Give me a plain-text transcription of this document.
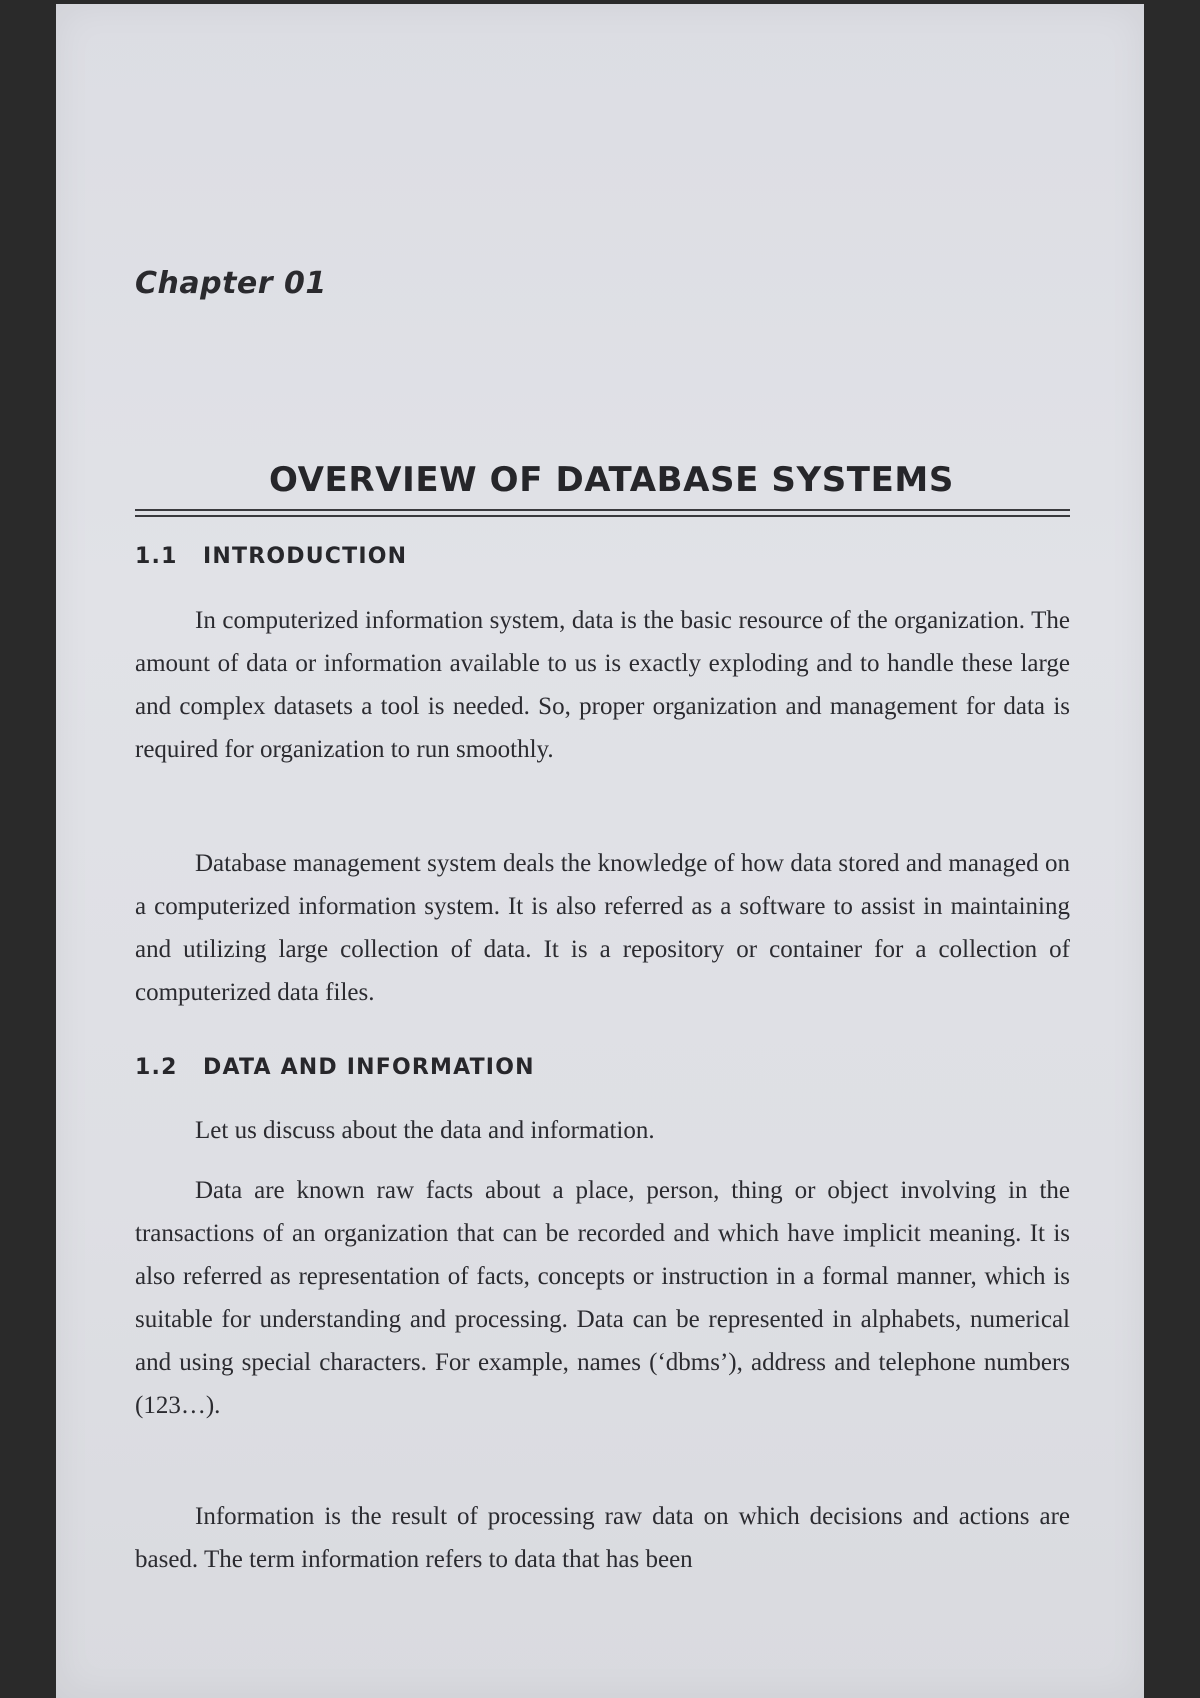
Chapter 01
OVERVIEW OF DATABASE SYSTEMS
1.1 INTRODUCTION

In computerized information system, data is the basic resource of the organization. The amount of data or information available to us is exactly exploding and to handle these large and complex datasets a tool is needed. So, proper organization and management for data is required for organization to run smoothly.

Database management system deals the knowledge of how data stored and managed on a computerized information system. It is also referred as a software to assist in maintaining and utilizing large collection of data. It is a repository or container for a collection of computerized data files.

1.2 DATA AND INFORMATION

Let us discuss about the data and information.

Data are known raw facts about a place, person, thing or object involving in the transactions of an organization that can be recorded and which have implicit meaning. It is also referred as representation of facts, concepts or instruction in a formal manner, which is suitable for understanding and processing. Data can be represented in alphabets, numerical and using special characters. For example, names (‘dbms’), address and telephone numbers (123…).

Information is the result of processing raw data on which decisions and actions are based. The term information refers to data that has been
